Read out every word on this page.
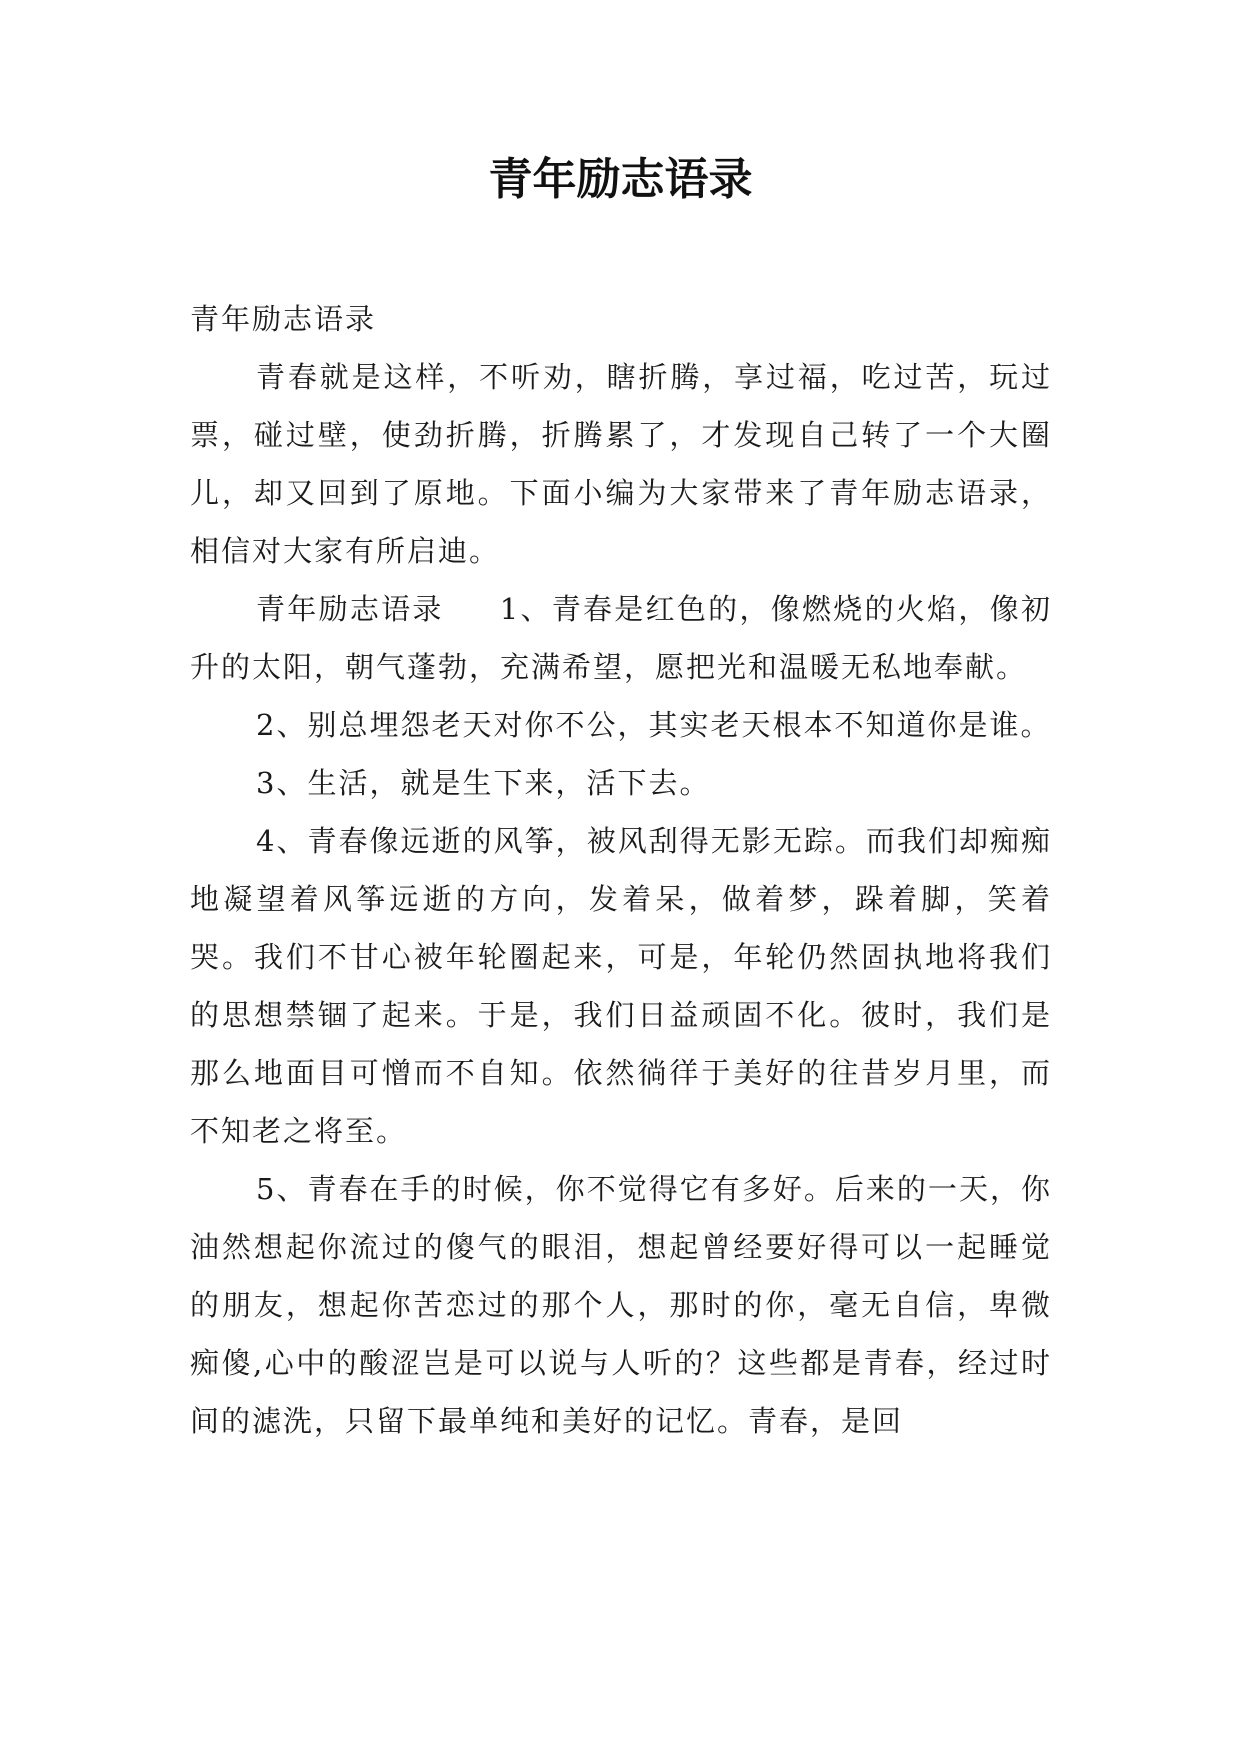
青年励志语录

青年励志语录

青春就是这样，不听劝，瞎折腾，享过福，吃过苦，玩过票，碰过壁，使劲折腾，折腾累了，才发现自己转了一个大圈儿，却又回到了原地。下面小编为大家带来了青年励志语录，相信对大家有所启迪。

青年励志语录 1、青春是红色的，像燃烧的火焰，像初升的太阳，朝气蓬勃，充满希望，愿把光和温暖无私地奉献。

2、别总埋怨老天对你不公，其实老天根本不知道你是谁。

3、生活，就是生下来，活下去。

4、青春像远逝的风筝，被风刮得无影无踪。而我们却痴痴地凝望着风筝远逝的方向，发着呆，做着梦，跺着脚，笑着哭。我们不甘心被年轮圈起来，可是，年轮仍然固执地将我们的思想禁锢了起来。于是，我们日益顽固不化。彼时，我们是那么地面目可憎而不自知。依然徜徉于美好的往昔岁月里，而不知老之将至。

5、青春在手的时候，你不觉得它有多好。后来的一天，你油然想起你流过的傻气的眼泪，想起曾经要好得可以一起睡觉的朋友，想起你苦恋过的那个人，那时的你，毫无自信，卑微痴傻,心中的酸涩岂是可以说与人听的？这些都是青春，经过时间的滤洗，只留下最单纯和美好的记忆。青春，是回
